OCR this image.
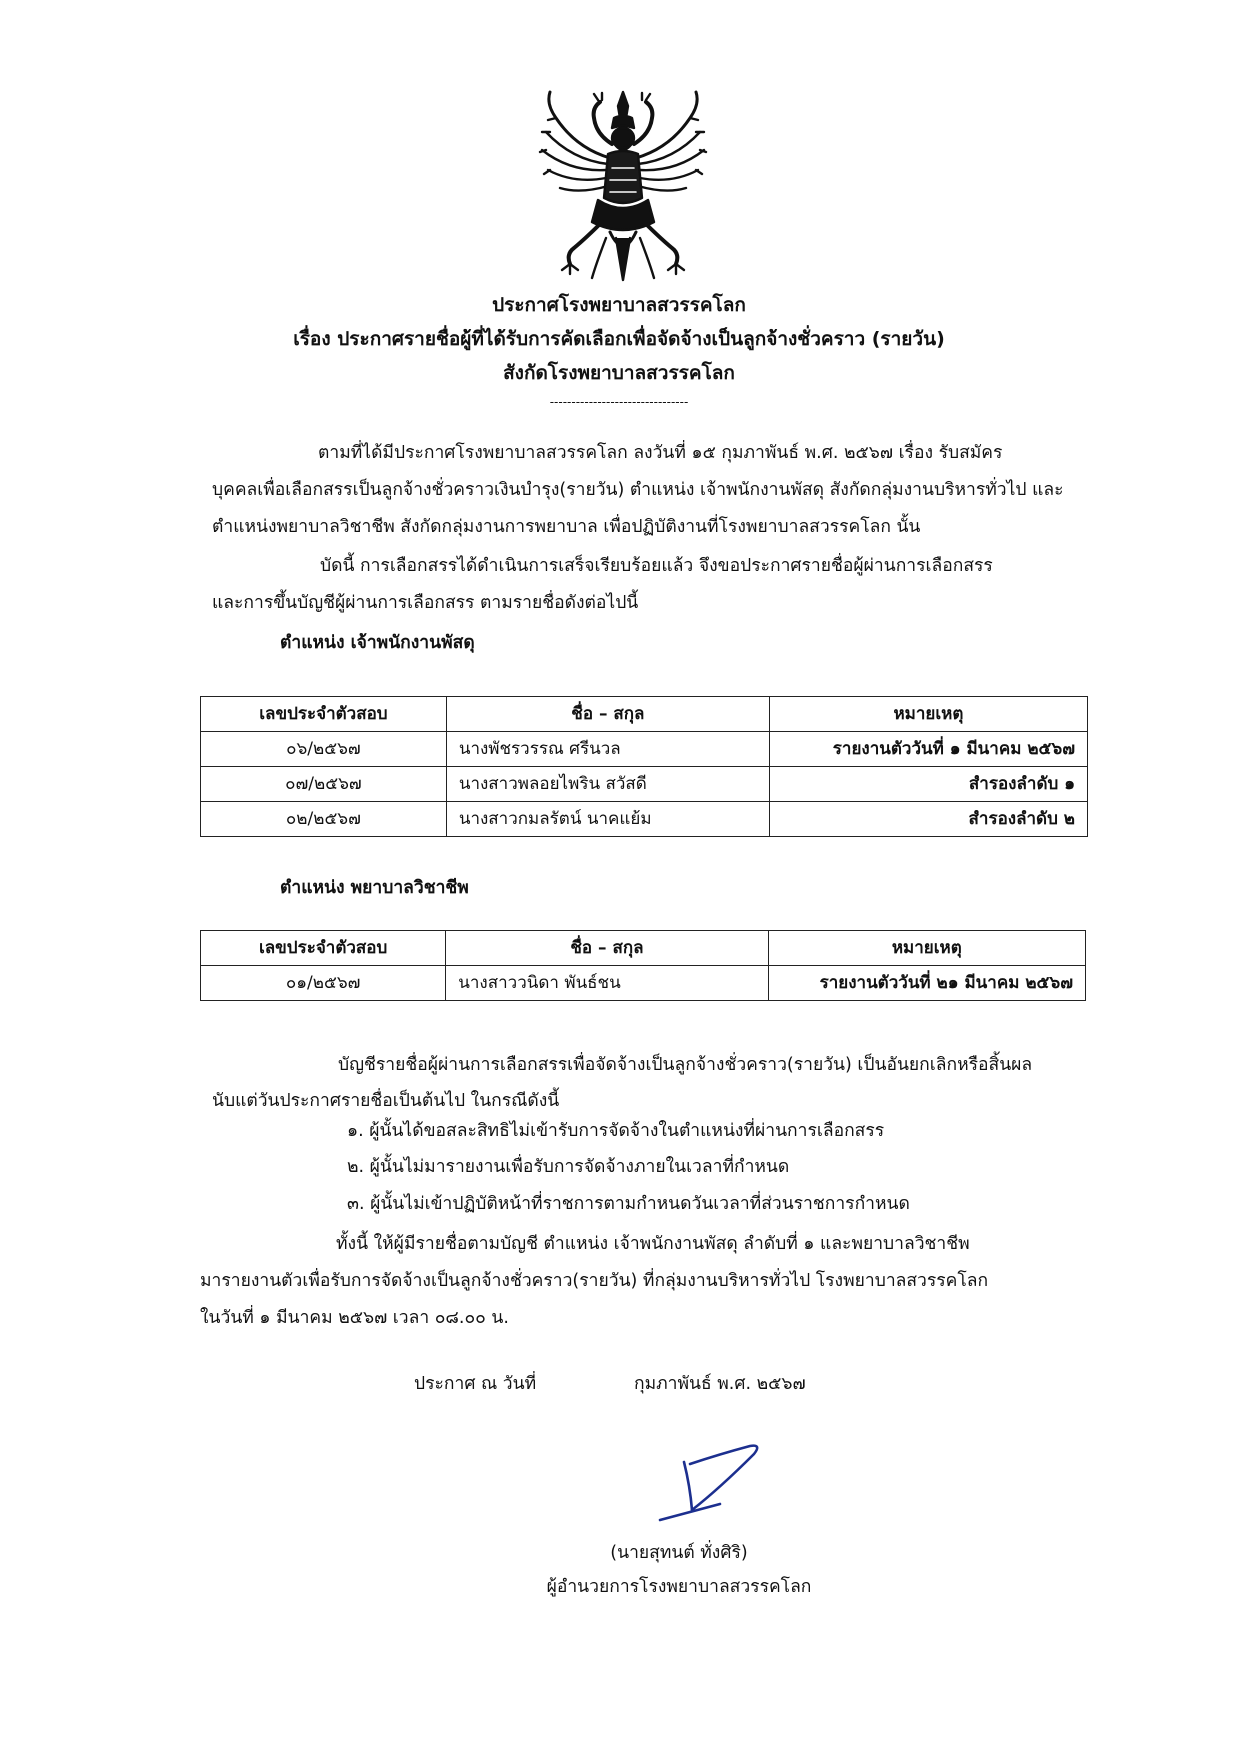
ประกาศโรงพยาบาลสวรรคโลก
เรื่อง ประกาศรายชื่อผู้ที่ได้รับการคัดเลือกเพื่อจัดจ้างเป็นลูกจ้างชั่วคราว (รายวัน)
สังกัดโรงพยาบาลสวรรคโลก
--------------------------------
ตามที่ได้มีประกาศโรงพยาบาลสวรรคโลก ลงวันที่ ๑๕ กุมภาพันธ์ พ.ศ. ๒๕๖๗ เรื่อง รับสมัคร
บุคคลเพื่อเลือกสรรเป็นลูกจ้างชั่วคราวเงินบำรุง(รายวัน) ตำแหน่ง เจ้าพนักงานพัสดุ สังกัดกลุ่มงานบริหารทั่วไป และ
ตำแหน่งพยาบาลวิชาชีพ สังกัดกลุ่มงานการพยาบาล เพื่อปฏิบัติงานที่โรงพยาบาลสวรรคโลก นั้น
บัดนี้ การเลือกสรรได้ดำเนินการเสร็จเรียบร้อยแล้ว จึงขอประกาศรายชื่อผู้ผ่านการเลือกสรร
และการขึ้นบัญชีผู้ผ่านการเลือกสรร ตามรายชื่อดังต่อไปนี้
ตำแหน่ง เจ้าพนักงานพัสดุ
เลขประจำตัวสอบ	ชื่อ – สกุล	หมายเหตุ
๐๖/๒๕๖๗	นางพัชรวรรณ ศรีนวล	รายงานตัววันที่ ๑ มีนาคม ๒๕๖๗
๐๗/๒๕๖๗	นางสาวพลอยไพริน สวัสดี	สำรองลำดับ ๑
๐๒/๒๕๖๗	นางสาวกมลรัตน์ นาคแย้ม	สำรองลำดับ ๒
ตำแหน่ง พยาบาลวิชาชีพ
เลขประจำตัวสอบ	ชื่อ – สกุล	หมายเหตุ
๐๑/๒๕๖๗	นางสาววนิดา พันธ์ชน	รายงานตัววันที่ ๒๑ มีนาคม ๒๕๖๗
บัญชีรายชื่อผู้ผ่านการเลือกสรรเพื่อจัดจ้างเป็นลูกจ้างชั่วคราว(รายวัน) เป็นอันยกเลิกหรือสิ้นผล
นับแต่วันประกาศรายชื่อเป็นต้นไป ในกรณีดังนี้
๑. ผู้นั้นได้ขอสละสิทธิไม่เข้ารับการจัดจ้างในตำแหน่งที่ผ่านการเลือกสรร
๒. ผู้นั้นไม่มารายงานเพื่อรับการจัดจ้างภายในเวลาที่กำหนด
๓. ผู้นั้นไม่เข้าปฏิบัติหน้าที่ราชการตามกำหนดวันเวลาที่ส่วนราชการกำหนด
ทั้งนี้ ให้ผู้มีรายชื่อตามบัญชี ตำแหน่ง เจ้าพนักงานพัสดุ ลำดับที่ ๑ และพยาบาลวิชาชีพ
มารายงานตัวเพื่อรับการจัดจ้างเป็นลูกจ้างชั่วคราว(รายวัน) ที่กลุ่มงานบริหารทั่วไป โรงพยาบาลสวรรคโลก
ในวันที่ ๑ มีนาคม ๒๕๖๗ เวลา ๐๘.๐๐ น.
ประกาศ ณ วันที่	กุมภาพันธ์ พ.ศ. ๒๕๖๗
(นายสุทนต์ ทั่งศิริ)
ผู้อำนวยการโรงพยาบาลสวรรคโลก
